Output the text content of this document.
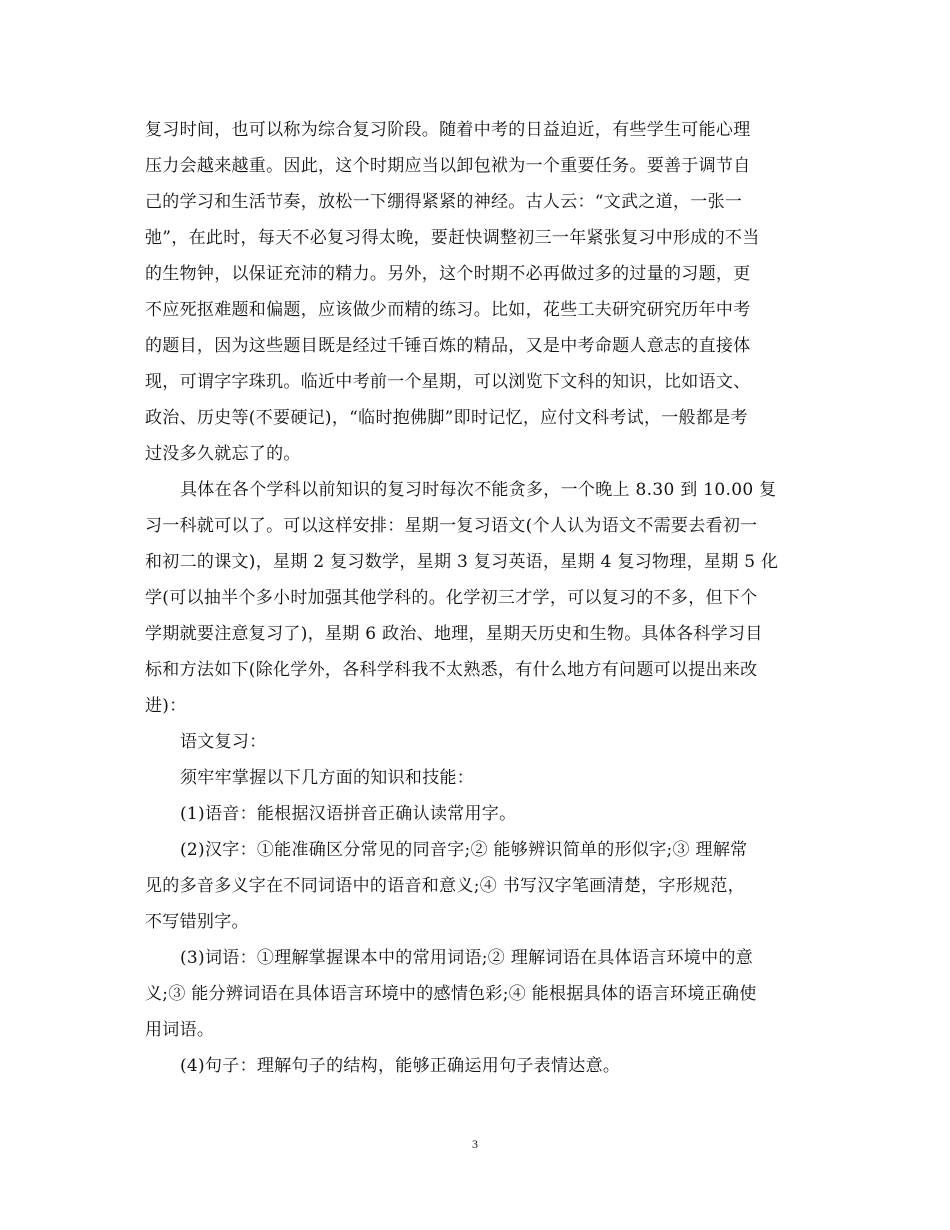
复习时间，也可以称为综合复习阶段。随着中考的日益迫近，有些学生可能心理
压力会越来越重。因此，这个时期应当以卸包袱为一个重要任务。要善于调节自
己的学习和生活节奏，放松一下绷得紧紧的神经。古人云：“文武之道，一张一
弛”，在此时，每天不必复习得太晚，要赶快调整初三一年紧张复习中形成的不当
的生物钟，以保证充沛的精力。另外，这个时期不必再做过多的过量的习题，更
不应死抠难题和偏题，应该做少而精的练习。比如，花些工夫研究研究历年中考
的题目，因为这些题目既是经过千锤百炼的精品，又是中考命题人意志的直接体
现，可谓字字珠玑。临近中考前一个星期，可以浏览下文科的知识，比如语文、
政治、历史等(不要硬记)，“临时抱佛脚”即时记忆，应付文科考试，一般都是考
过没多久就忘了的。
具体在各个学科以前知识的复习时每次不能贪多，一个晚上 8.30 到 10.00 复
习一科就可以了。可以这样安排：星期一复习语文(个人认为语文不需要去看初一
和初二的课文)，星期 2 复习数学，星期 3 复习英语，星期 4 复习物理，星期 5 化
学(可以抽半个多小时加强其他学科的。化学初三才学，可以复习的不多，但下个
学期就要注意复习了)，星期 6 政治、地理，星期天历史和生物。具体各科学习目
标和方法如下(除化学外，各科学科我不太熟悉，有什么地方有问题可以提出来改
进)：
语文复习：
须牢牢掌握以下几方面的知识和技能：
(1)语音：能根据汉语拼音正确认读常用字。
(2)汉字：①能准确区分常见的同音字;② 能够辨识简单的形似字;③ 理解常
见的多音多义字在不同词语中的语音和意义;④ 书写汉字笔画清楚，字形规范，
不写错别字。
(3)词语：①理解掌握课本中的常用词语;② 理解词语在具体语言环境中的意
义;③ 能分辨词语在具体语言环境中的感情色彩;④ 能根据具体的语言环境正确使
用词语。
(4)句子：理解句子的结构，能够正确运用句子表情达意。
3
